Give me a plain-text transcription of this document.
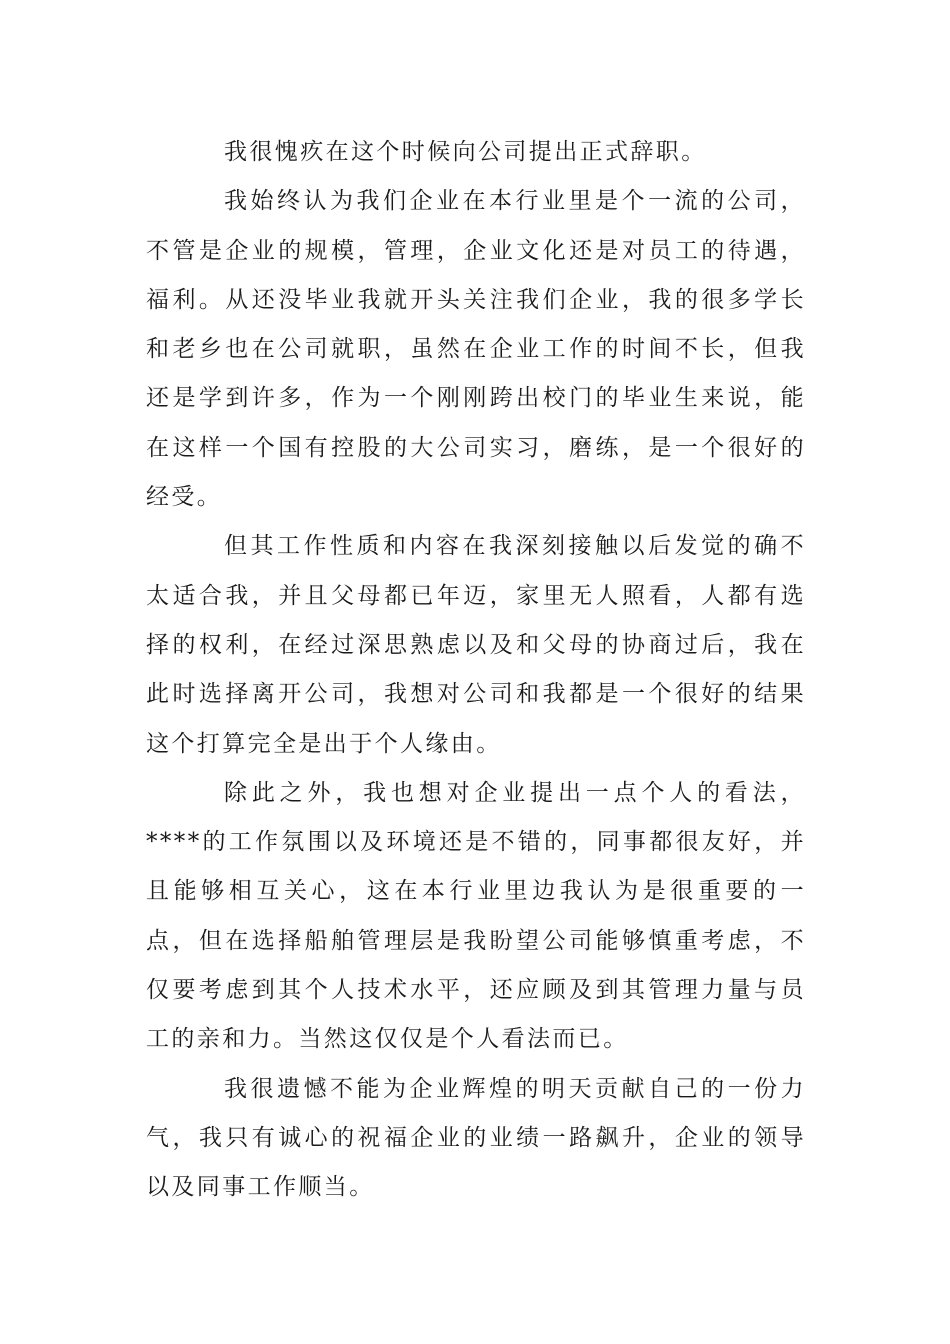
我很愧疚在这个时候向公司提出正式辞职。

我始终认为我们企业在本行业里是个一流的公司，不管是企业的规模，管理，企业文化还是对员工的待遇，福利。从还没毕业我就开头关注我们企业，我的很多学长和老乡也在公司就职，虽然在企业工作的时间不长，但我还是学到许多，作为一个刚刚跨出校门的毕业生来说，能在这样一个国有控股的大公司实习，磨练，是一个很好的经受。

但其工作性质和内容在我深刻接触以后发觉的确不太适合我，并且父母都已年迈，家里无人照看，人都有选择的权利，在经过深思熟虑以及和父母的协商过后，我在此时选择离开公司，我想对公司和我都是一个很好的结果这个打算完全是出于个人缘由。

除此之外，我也想对企业提出一点个人的看法，****的工作氛围以及环境还是不错的，同事都很友好，并且能够相互关心，这在本行业里边我认为是很重要的一点，但在选择船舶管理层是我盼望公司能够慎重考虑，不仅要考虑到其个人技术水平，还应顾及到其管理力量与员工的亲和力。当然这仅仅是个人看法而已。

我很遗憾不能为企业辉煌的明天贡献自己的一份力气，我只有诚心的祝福企业的业绩一路飙升，企业的领导以及同事工作顺当。
